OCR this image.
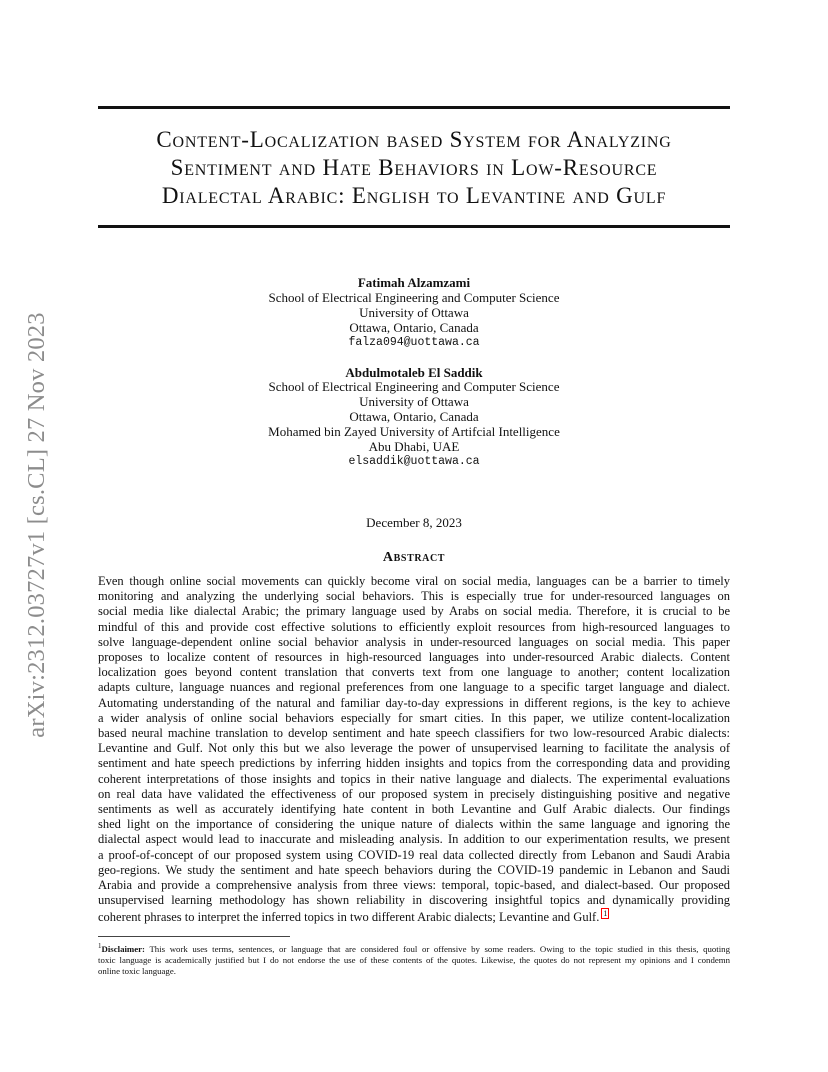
arXiv:2312.03727v1 [cs.CL] 27 Nov 2023
Content-Localization based System for Analyzing
Sentiment and Hate Behaviors in Low-Resource
Dialectal Arabic: English to Levantine and Gulf
Fatimah Alzamzami
School of Electrical Engineering and Computer Science
University of Ottawa
Ottawa, Ontario, Canada
falza094@uottawa.ca
Abdulmotaleb El Saddik
School of Electrical Engineering and Computer Science
University of Ottawa
Ottawa, Ontario, Canada
Mohamed bin Zayed University of Artifcial Intelligence
Abu Dhabi, UAE
elsaddik@uottawa.ca
December 8, 2023
Abstract
Even though online social movements can quickly become viral on social media, languages can be a barrier to timely
monitoring and analyzing the underlying social behaviors. This is especially true for under-resourced languages on
social media like dialectal Arabic; the primary language used by Arabs on social media. Therefore, it is crucial to be
mindful of this and provide cost effective solutions to efficiently exploit resources from high-resourced languages to
solve language-dependent online social behavior analysis in under-resourced languages on social media. This paper
proposes to localize content of resources in high-resourced languages into under-resourced Arabic dialects. Content
localization goes beyond content translation that converts text from one language to another; content localization
adapts culture, language nuances and regional preferences from one language to a specific target language and dialect.
Automating understanding of the natural and familiar day-to-day expressions in different regions, is the key to achieve
a wider analysis of online social behaviors especially for smart cities. In this paper, we utilize content-localization
based neural machine translation to develop sentiment and hate speech classifiers for two low-resourced Arabic dialects:
Levantine and Gulf. Not only this but we also leverage the power of unsupervised learning to facilitate the analysis of
sentiment and hate speech predictions by inferring hidden insights and topics from the corresponding data and providing
coherent interpretations of those insights and topics in their native language and dialects. The experimental evaluations
on real data have validated the effectiveness of our proposed system in precisely distinguishing positive and negative
sentiments as well as accurately identifying hate content in both Levantine and Gulf Arabic dialects. Our findings
shed light on the importance of considering the unique nature of dialects within the same language and ignoring the
dialectal aspect would lead to inaccurate and misleading analysis. In addition to our experimentation results, we present
a proof-of-concept of our proposed system using COVID-19 real data collected directly from Lebanon and Saudi Arabia
geo-regions. We study the sentiment and hate speech behaviors during the COVID-19 pandemic in Lebanon and Saudi
Arabia and provide a comprehensive analysis from three views: temporal, topic-based, and dialect-based. Our proposed
unsupervised learning methodology has shown reliability in discovering insightful topics and dynamically providing
coherent phrases to interpret the inferred topics in two different Arabic dialects; Levantine and Gulf. 1
$^1$Disclaimer: This work uses terms, sentences, or language that are considered foul or offensive by some readers. Owing to the topic studied in this thesis, quoting
toxic language is academically justified but I do not endorse the use of these contents of the quotes. Likewise, the quotes do not represent my opinions and I condemn
online toxic language.
